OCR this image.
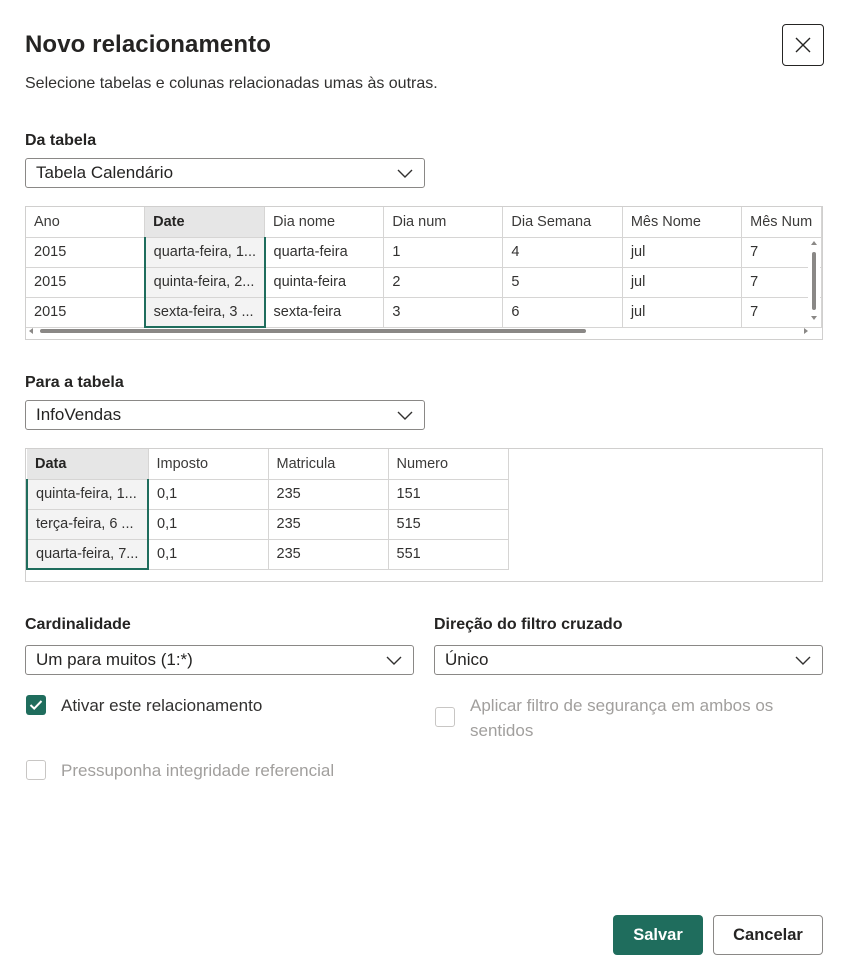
Novo relacionamento
Selecione tabelas e colunas relacionadas umas às outras.
Da tabela
Tabela Calendário
Ano	Date	Dia nome	Dia num	Dia Semana	Mês Nome	Mês Num
2015	quarta-feira, 1...	quarta-feira	1	4	jul	7
2015	quinta-feira, 2...	quinta-feira	2	5	jul	7
2015	sexta-feira, 3 ...	sexta-feira	3	6	jul	7
Para a tabela
InfoVendas
Data	Imposto	Matricula	Numero
quinta-feira, 1...	0,1	235	151
terça-feira, 6 ...	0,1	235	515
quarta-feira, 7...	0,1	235	551
Cardinalidade
Um para muitos (1:*)
Direção do filtro cruzado
Único
Ativar este relacionamento	Aplicar filtro de segurança em ambos os
sentidos
Pressuponha integridade referencial
Salvar	Cancelar
